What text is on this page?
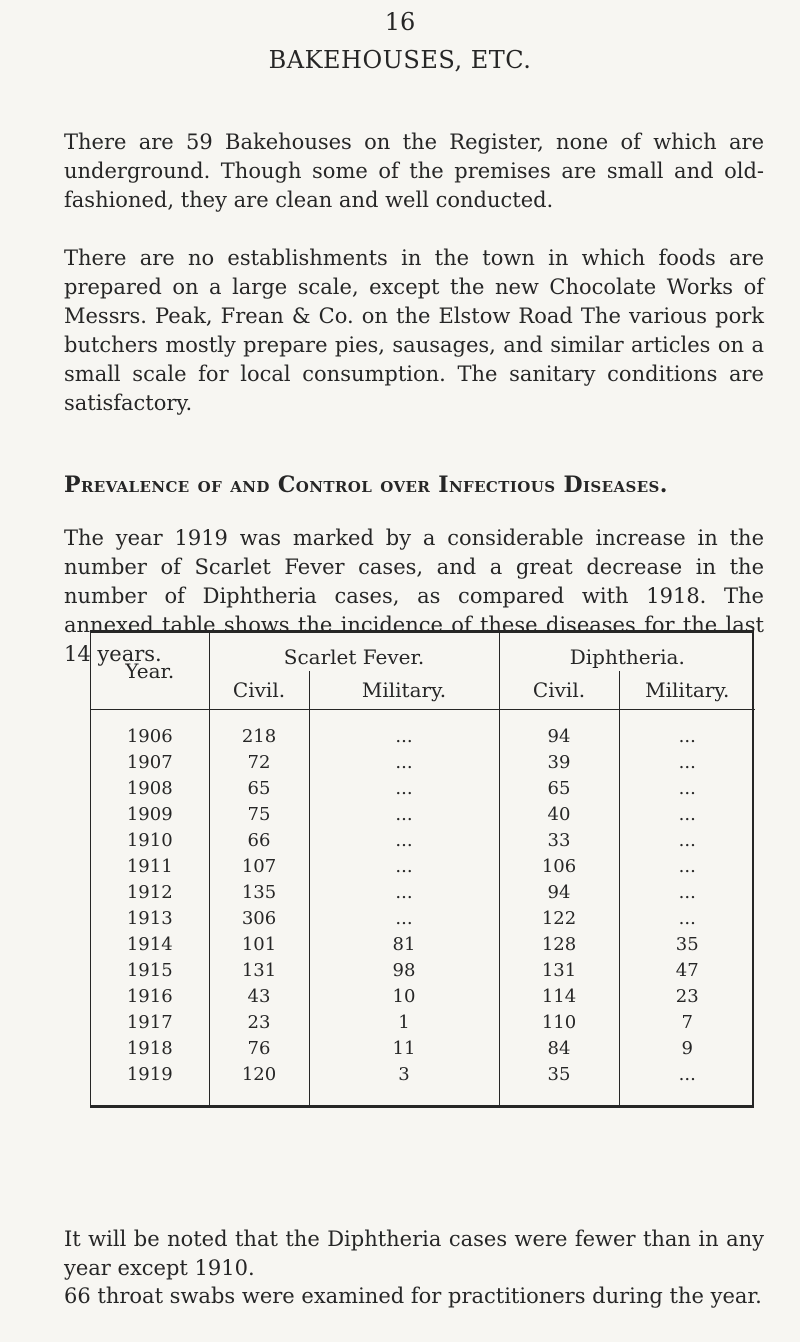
16
BAKEHOUSES, ETC.

There are 59 Bakehouses on the Register, none of which are underground. Though some of the premises are small and old-fashioned, they are clean and well conducted.

There are no establishments in the town in which foods are prepared on a large scale, except the new Chocolate Works of Messrs. Peak, Frean & Co. on the Elstow Road The various pork butchers mostly prepare pies, sausages, and similar articles on a small scale for local consumption. The sanitary conditions are satisfactory.

Prevalence of and Control over Infectious Diseases.

The year 1919 was marked by a considerable increase in the number of Scarlet Fever cases, and a great decrease in the number of Diphtheria cases, as compared with 1918. The annexed table shows the incidence of these diseases for the last 14 years.

Year.	Scarlet Fever.		Diphtheria.	
	Civil.	Military.	Civil.	Military.
1906	218	...	94	...
1907	72	...	39	...
1908	65	...	65	...
1909	75	...	40	...
1910	66	...	33	...
1911	107	...	106	...
1912	135	...	94	...
1913	306	...	122	...
1914	101	81	128	35
1915	131	98	131	47
1916	43	10	114	23
1917	23	1	110	7
1918	76	11	84	9
1919	120	3	35	...

It will be noted that the Diphtheria cases were fewer than in any year except 1910.

66 throat swabs were examined for practitioners during the year.
